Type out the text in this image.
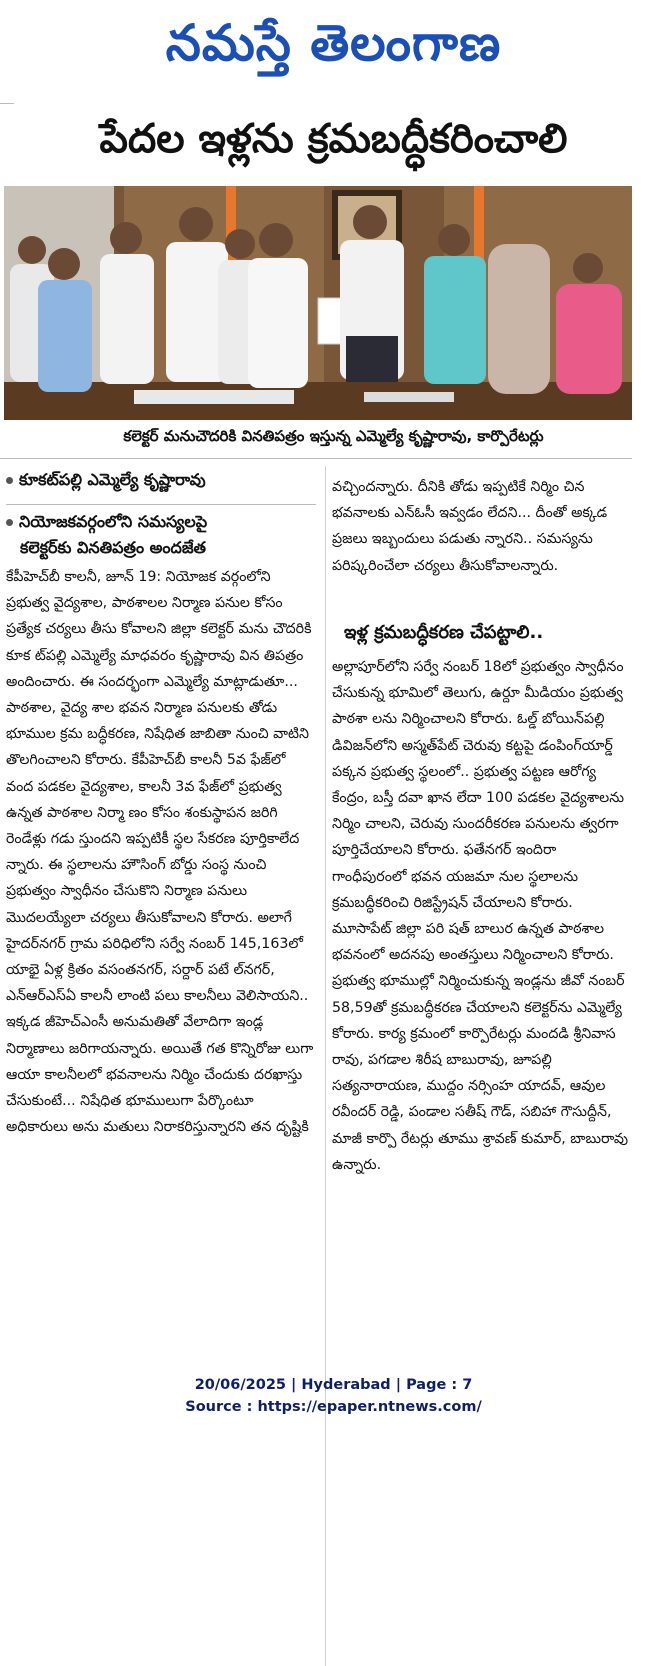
నమస్తే తెలంగాణ
పేదల ఇళ్లను క్రమబద్ధీకరించాలి
కలెక్టర్ మనుచౌదరికి వినతిపత్రం ఇస్తున్న ఎమ్మెల్యే కృష్ణారావు, కార్పొరేటర్లు
కూకట్‌పల్లి ఎమ్మెల్యే కృష్ణారావు
నియోజకవర్గంలోని సమస్యలపై
కలెక్టర్‌కు వినతిపత్రం అందజేత

కేపీహెచ్‌బీ కాలనీ, జూన్ 19: నియోజక వర్గంలోని ప్రభుత్వ వైద్యశాల, పాఠశాలల నిర్మాణ పనుల కోసం ప్రత్యేక చర్యలు తీసు కోవాలని జిల్లా కలెక్టర్ మను చౌదరికి కూక ట్‌పల్లి ఎమ్మెల్యే మాధవరం కృష్ణారావు విన తిపత్రం అందించారు. ఈ సందర్భంగా ఎమ్మెల్యే మాట్లాడుతూ... పాఠశాల, వైద్య శాల భవన నిర్మాణ పనులకు తోడు భూముల క్రమ బద్ధీకరణ, నిషేధిత జాబితా నుంచి వాటిని తొలగించాలని కోరారు. కేపీహెచ్‌బీ కాలనీ 5వ ఫేజ్‌లో వంద పడకల వైద్యశాల, కాలనీ 3వ ఫేజ్‌లో ప్రభుత్వ ఉన్నత పాఠశాల నిర్మా ణం కోసం శంకుస్థాపన జరిగి రెండేళ్లు గడు స్తుందని ఇప్పటికీ స్థల సేకరణ పూర్తికాలేద న్నారు. ఈ స్థలాలను హౌసింగ్ బోర్డు సంస్థ నుంచి ప్రభుత్వం స్వాధీనం చేసుకొని నిర్మాణ పనులు మొదలయ్యేలా చర్యలు తీసుకోవాలని కోరారు. అలాగే హైదర్‌నగర్ గ్రామ పరిధిలోని సర్వే నంబర్ 145,163లో యాభై ఏళ్ల క్రితం వసంతనగర్, సర్దార్ పటే ల్‌నగర్, ఎన్‌ఆర్‌ఎస్‌ఏ కాలనీ లాంటి పలు కాలనీలు వెలిసాయని.. ఇక్కడ జీహెచ్‌ఎంసీ అనుమతితో వేలాదిగా ఇండ్ల నిర్మాణాలు జరిగాయన్నారు. అయితే గత కొన్నిరోజు లుగా ఆయా కాలనీలలో భవనాలను నిర్మిం చేందుకు దరఖాస్తు చేసుకుంటే... నిషేధిత భూములుగా పేర్కొంటూ అధికారులు అను మతులు నిరాకరిస్తున్నారని తన దృష్టికి

వచ్చిందన్నారు. దీనికి తోడు ఇప్పటికే నిర్మిం చిన భవనాలకు ఎన్‌ఓసీ ఇవ్వడం లేదని... దీంతో అక్కడ ప్రజలు ఇబ్బందులు పడుతు న్నారని.. సమస్యను పరిష్కరించేలా చర్యలు తీసుకోవాలన్నారు.

ఇళ్ల క్రమబద్ధీకరణ చేపట్టాలి..

అల్లాపూర్‌లోని సర్వే నంబర్ 18లో ప్రభుత్వం స్వాధీనం చేసుకున్న భూమిలో తెలుగు, ఉర్దూ మీడియం ప్రభుత్వ పాఠశా లను నిర్మించాలని కోరారు. ఓల్డ్ బోయిన్‌పల్లి డివిజన్‌లోని అస్మత్‌పేట్ చెరువు కట్టపై డంపింగ్‌యార్డ్ పక్కన ప్రభుత్వ స్థలంలో.. ప్రభుత్వ పట్టణ ఆరోగ్య కేంద్రం, బస్తీ దవా ఖాన లేదా 100 పడకల వైద్యశాలను నిర్మిం చాలని, చెరువు సుందరీకరణ పనులను త్వరగా పూర్తిచేయాలని కోరారు. ఫతేనగర్ ఇందిరా గాంధీపురంలో భవన యజమా నుల స్థలాలను క్రమబద్ధీకరించి రిజిస్ట్రేషన్ చేయాలని కోరారు. మూసాపేట్ జిల్లా పరి షత్ బాలుర ఉన్నత పాఠశాల భవనంలో అదనపు అంతస్తులు నిర్మించాలని కోరారు. ప్రభుత్వ భూముల్లో నిర్మించుకున్న ఇండ్లను జీవో నంబర్ 58,59తో క్రమబద్ధీకరణ చేయాలని కలెక్టర్‌ను ఎమ్మెల్యే కోరారు. కార్య క్రమంలో కార్పొరేటర్లు మందడి శ్రీనివాస రావు, పగడాల శిరీష బాబురావు, జూపల్లి సత్యనారాయణ, ముద్దం నర్సింహ యాదవ్, ఆవుల రవీందర్ రెడ్డి, పండాల సతీష్ గౌడ్, సబిహా గౌసుద్దీన్, మాజీ కార్పొ రేటర్లు తూము శ్రావణ్ కుమార్, బాబురావు ఉన్నారు.

20/06/2025 | Hyderabad | Page : 7
Source : https://epaper.ntnews.com/
